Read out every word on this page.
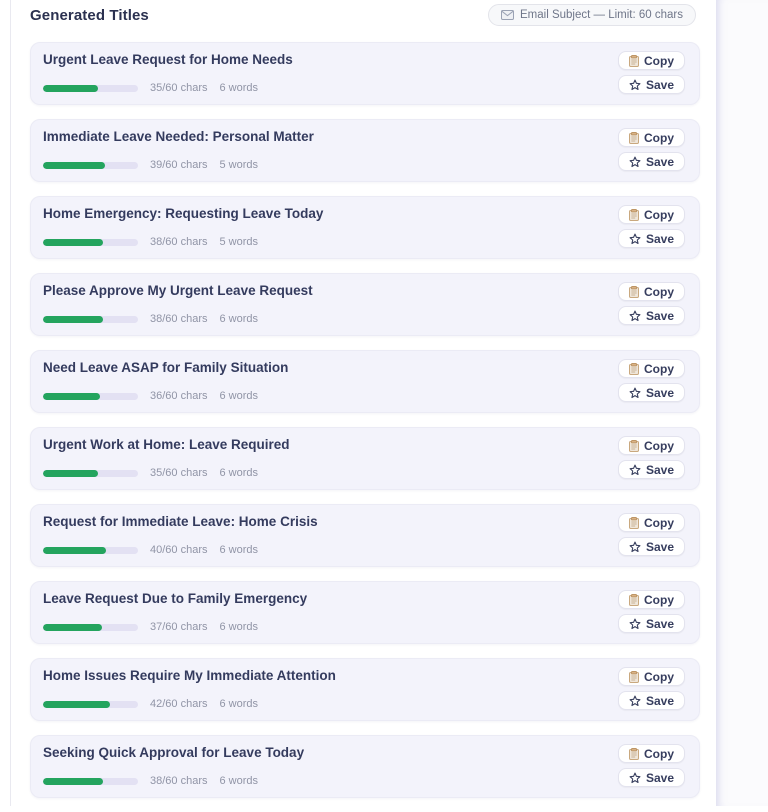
Generated Titles	Email Subject — Limit: 60 chars
Urgent Leave Request for Home Needs
35/60 chars 6 words
Copy
Save
Immediate Leave Needed: Personal Matter
39/60 chars 5 words
Copy
Save
Home Emergency: Requesting Leave Today
38/60 chars 5 words
Copy
Save
Please Approve My Urgent Leave Request
38/60 chars 6 words
Copy
Save
Need Leave ASAP for Family Situation
36/60 chars 6 words
Copy
Save
Urgent Work at Home: Leave Required
35/60 chars 6 words
Copy
Save
Request for Immediate Leave: Home Crisis
40/60 chars 6 words
Copy
Save
Leave Request Due to Family Emergency
37/60 chars 6 words
Copy
Save
Home Issues Require My Immediate Attention
42/60 chars 6 words
Copy
Save
Seeking Quick Approval for Leave Today
38/60 chars 6 words
Copy
Save
